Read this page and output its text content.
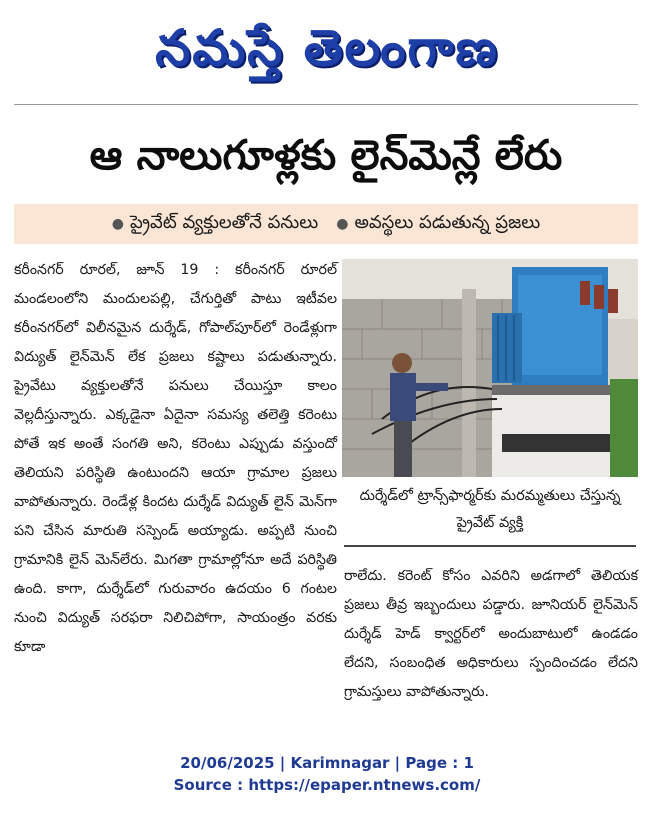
నమస్తే తెలంగాణ
ఆ నాలుగూళ్లకు లైన్‌మెన్లే లేరు
● ప్రైవేట్ వ్యక్తులతోనే పనులు ● అవస్థలు పడుతున్న ప్రజలు

కరీంనగర్ రూరల్, జూన్ 19 : కరీంనగర్ రూరల్ మండలంలోని మందులపల్లి, చేగుర్తితో పాటు ఇటీవల కరీంనగర్‌లో విలీనమైన దుర్శేడ్, గోపాల్‌పూర్‌లో రెండేళ్లుగా విద్యుత్ లైన్‌మెన్ లేక ప్రజలు కష్టాలు పడుతున్నారు. ప్రైవేటు వ్యక్తులతోనే పనులు చేయిస్తూ కాలం వెల్లదీస్తున్నారు. ఎక్కడైనా ఏదైనా సమస్య తలెత్తి కరెంటు పోతే ఇక అంతే సంగతి అని, కరెంటు ఎప్పుడు వస్తుందో తెలియని పరిస్థితి ఉంటుందని ఆయా గ్రామాల ప్రజలు వాపోతున్నారు. రెండేళ్ల కిందట దుర్శేడ్ విద్యుత్ లైన్ మెన్‌గా పని చేసిన మారుతి సస్పెండ్ అయ్యాడు. అప్పటి నుంచి గ్రామానికి లైన్ మెన్‌లేరు. మిగతా గ్రామాల్లోనూ అదే పరిస్థితి ఉంది. కాగా, దుర్శేడ్‌లో గురువారం ఉదయం 6 గంటల నుంచి విద్యుత్ సరఫరా నిలిచిపోగా, సాయంత్రం వరకు కూడా

దుర్శేడ్‌లో ట్రాన్స్‌ఫార్మర్‌కు మరమ్మతులు చేస్తున్న ప్రైవేట్ వ్యక్తి

రాలేదు. కరెంట్ కోసం ఎవరిని అడగాలో తెలియక ప్రజలు తీవ్ర ఇబ్బందులు పడ్డారు. జూనియర్ లైన్‌మెన్ దుర్శేడ్ హెడ్ క్వార్టర్‌లో అందుబాటులో ఉండడం లేదని, సంబంధిత అధికారులు స్పందించడం లేదని గ్రామస్తులు వాపోతున్నారు.

20/06/2025 | Karimnagar | Page : 1
Source : https://epaper.ntnews.com/
